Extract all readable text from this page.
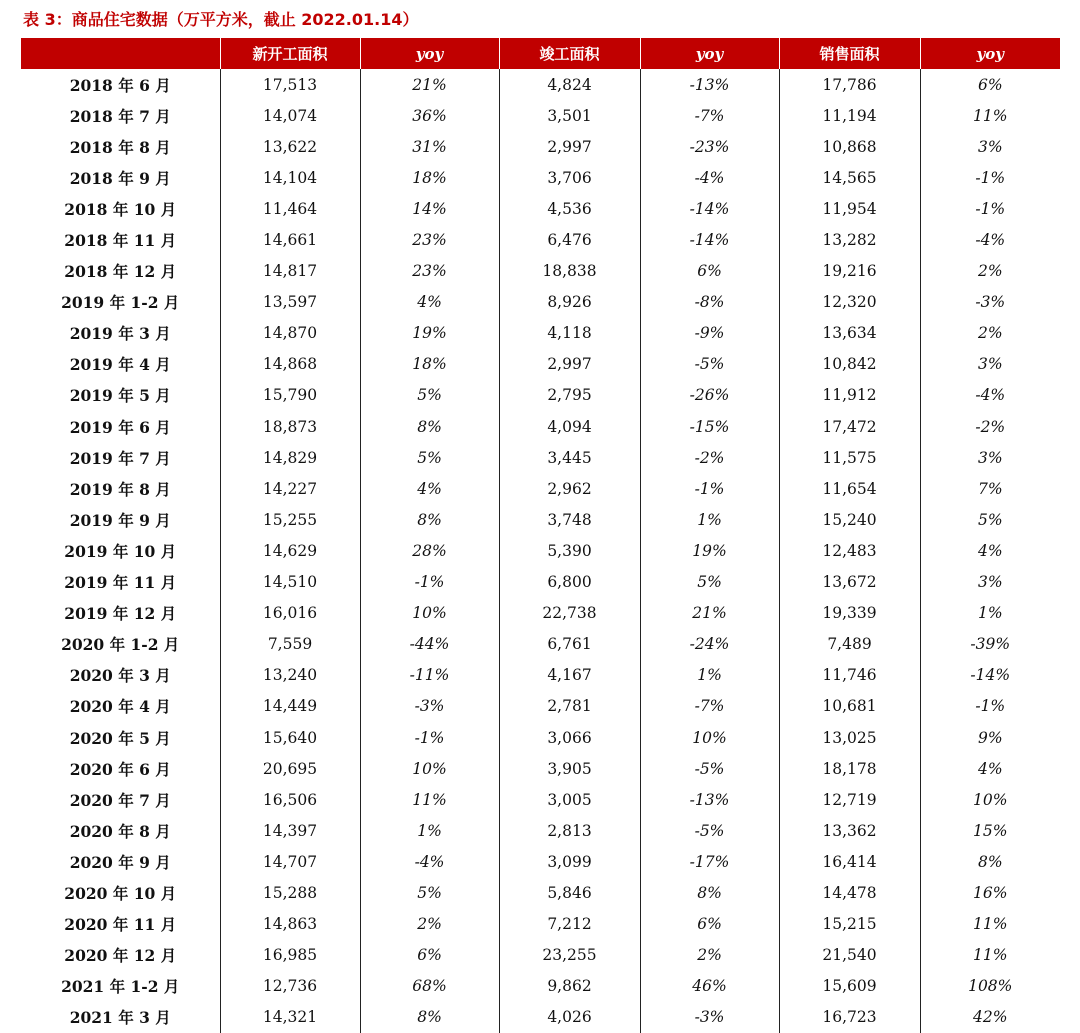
表 3：商品住宅数据（万平方米，截止 2022.01.14）
	新开工面积	yoy	竣工面积	yoy	销售面积	yoy
2018 年 6 月	17,513	21%	4,824	-13%	17,786	6%
2018 年 7 月	14,074	36%	3,501	-7%	11,194	11%
2018 年 8 月	13,622	31%	2,997	-23%	10,868	3%
2018 年 9 月	14,104	18%	3,706	-4%	14,565	-1%
2018 年 10 月	11,464	14%	4,536	-14%	11,954	-1%
2018 年 11 月	14,661	23%	6,476	-14%	13,282	-4%
2018 年 12 月	14,817	23%	18,838	6%	19,216	2%
2019 年 1-2 月	13,597	4%	8,926	-8%	12,320	-3%
2019 年 3 月	14,870	19%	4,118	-9%	13,634	2%
2019 年 4 月	14,868	18%	2,997	-5%	10,842	3%
2019 年 5 月	15,790	5%	2,795	-26%	11,912	-4%
2019 年 6 月	18,873	8%	4,094	-15%	17,472	-2%
2019 年 7 月	14,829	5%	3,445	-2%	11,575	3%
2019 年 8 月	14,227	4%	2,962	-1%	11,654	7%
2019 年 9 月	15,255	8%	3,748	1%	15,240	5%
2019 年 10 月	14,629	28%	5,390	19%	12,483	4%
2019 年 11 月	14,510	-1%	6,800	5%	13,672	3%
2019 年 12 月	16,016	10%	22,738	21%	19,339	1%
2020 年 1-2 月	7,559	-44%	6,761	-24%	7,489	-39%
2020 年 3 月	13,240	-11%	4,167	1%	11,746	-14%
2020 年 4 月	14,449	-3%	2,781	-7%	10,681	-1%
2020 年 5 月	15,640	-1%	3,066	10%	13,025	9%
2020 年 6 月	20,695	10%	3,905	-5%	18,178	4%
2020 年 7 月	16,506	11%	3,005	-13%	12,719	10%
2020 年 8 月	14,397	1%	2,813	-5%	13,362	15%
2020 年 9 月	14,707	-4%	3,099	-17%	16,414	8%
2020 年 10 月	15,288	5%	5,846	8%	14,478	16%
2020 年 11 月	14,863	2%	7,212	6%	15,215	11%
2020 年 12 月	16,985	6%	23,255	2%	21,540	11%
2021 年 1-2 月	12,736	68%	9,862	46%	15,609	108%
2021 年 3 月	14,321	8%	4,026	-3%	16,723	42%
